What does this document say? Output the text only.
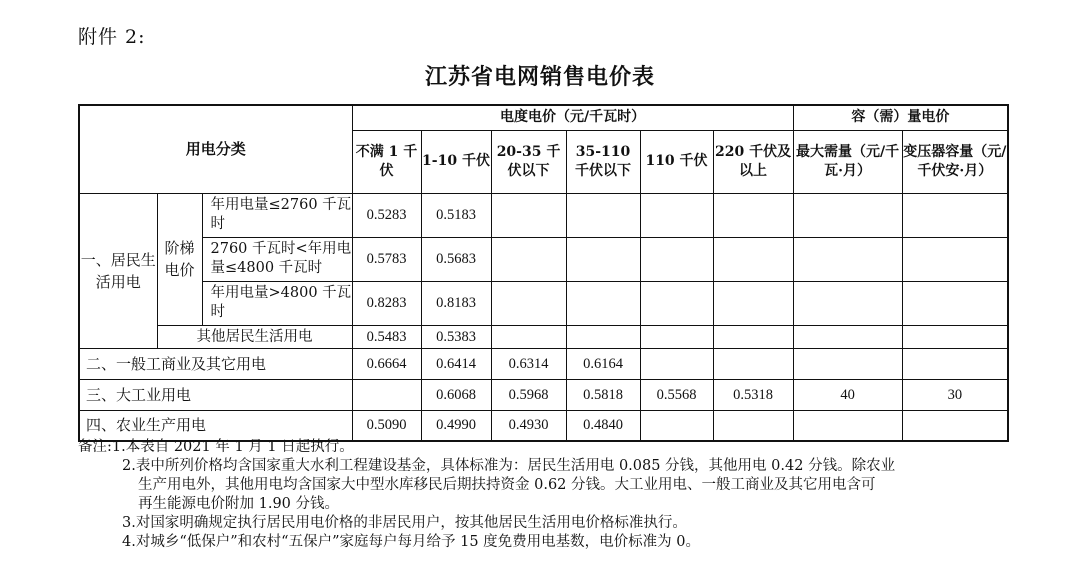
附件 2:
江苏省电网销售电价表
用电分类			电度电价（元/千瓦时）						容（需）量电价	
			不满 1 千伏	1-10 千伏	20-35 千伏以下	35-110 千伏以下	110 千伏	220 千伏及以上	最大需量（元/千瓦·月）	变压器容量（元/千伏安·月）
一、居民生活用电	阶梯电价	年用电量≤2760 千瓦时	0.5283	0.5183						
		2760 千瓦时<年用电量≤4800 千瓦时	0.5783	0.5683						
		年用电量>4800 千瓦时	0.8283	0.8183						
	其他居民生活用电		0.5483	0.5383						
二、一般工商业及其它用电			0.6664	0.6414	0.6314	0.6164				
三、大工业用电				0.6068	0.5968	0.5818	0.5568	0.5318	40	30
四、农业生产用电			0.5090	0.4990	0.4930	0.4840				

备注:1.本表自 2021 年 1 月 1 日起执行。

2.表中所列价格均含国家重大水利工程建设基金，具体标准为：居民生活用电 0.085 分钱，其他用电 0.42 分钱。除农业

生产用电外，其他用电均含国家大中型水库移民后期扶持资金 0.62 分钱。大工业用电、一般工商业及其它用电含可

再生能源电价附加 1.90 分钱。

3.对国家明确规定执行居民用电价格的非居民用户，按其他居民生活用电价格标准执行。

4.对城乡“低保户”和农村“五保户”家庭每户每月给予 15 度免费用电基数，电价标准为 0。
